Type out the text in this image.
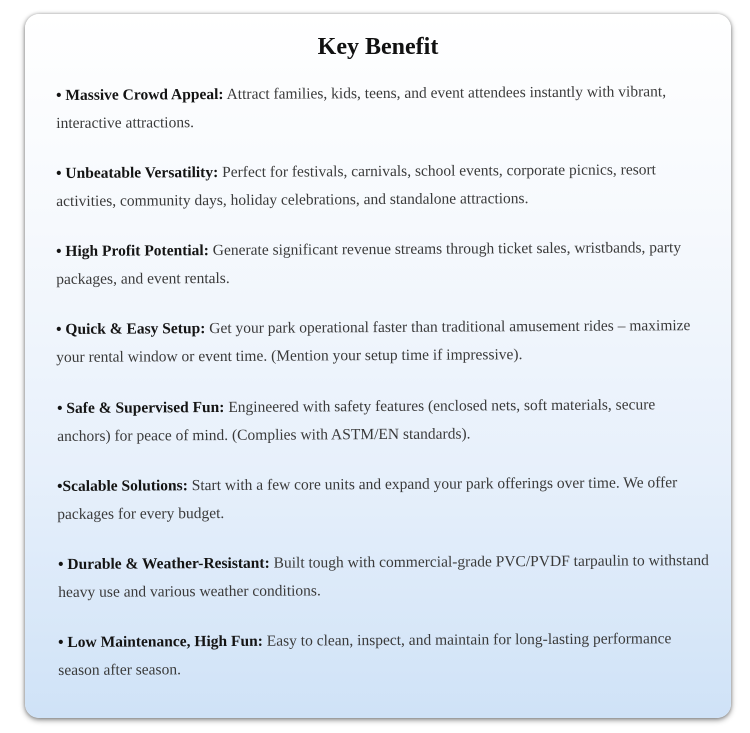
Key Benefit

• Massive Crowd Appeal: Attract families, kids, teens, and event attendees instantly with vibrant, interactive attractions.

• Unbeatable Versatility: Perfect for festivals, carnivals, school events, corporate picnics, resort activities, community days, holiday celebrations, and standalone attractions.

• High Profit Potential: Generate significant revenue streams through ticket sales, wristbands, party packages, and event rentals.

• Quick & Easy Setup: Get your park operational faster than traditional amusement rides – maximize your rental window or event time. (Mention your setup time if impressive).

• Safe & Supervised Fun: Engineered with safety features (enclosed nets, soft materials, secure anchors) for peace of mind. (Complies with ASTM/EN standards).

•Scalable Solutions: Start with a few core units and expand your park offerings over time. We offer packages for every budget.

• Durable & Weather-Resistant: Built tough with commercial-grade PVC/PVDF tarpaulin to withstand heavy use and various weather conditions.

• Low Maintenance, High Fun: Easy to clean, inspect, and maintain for long-lasting performance season after season.
